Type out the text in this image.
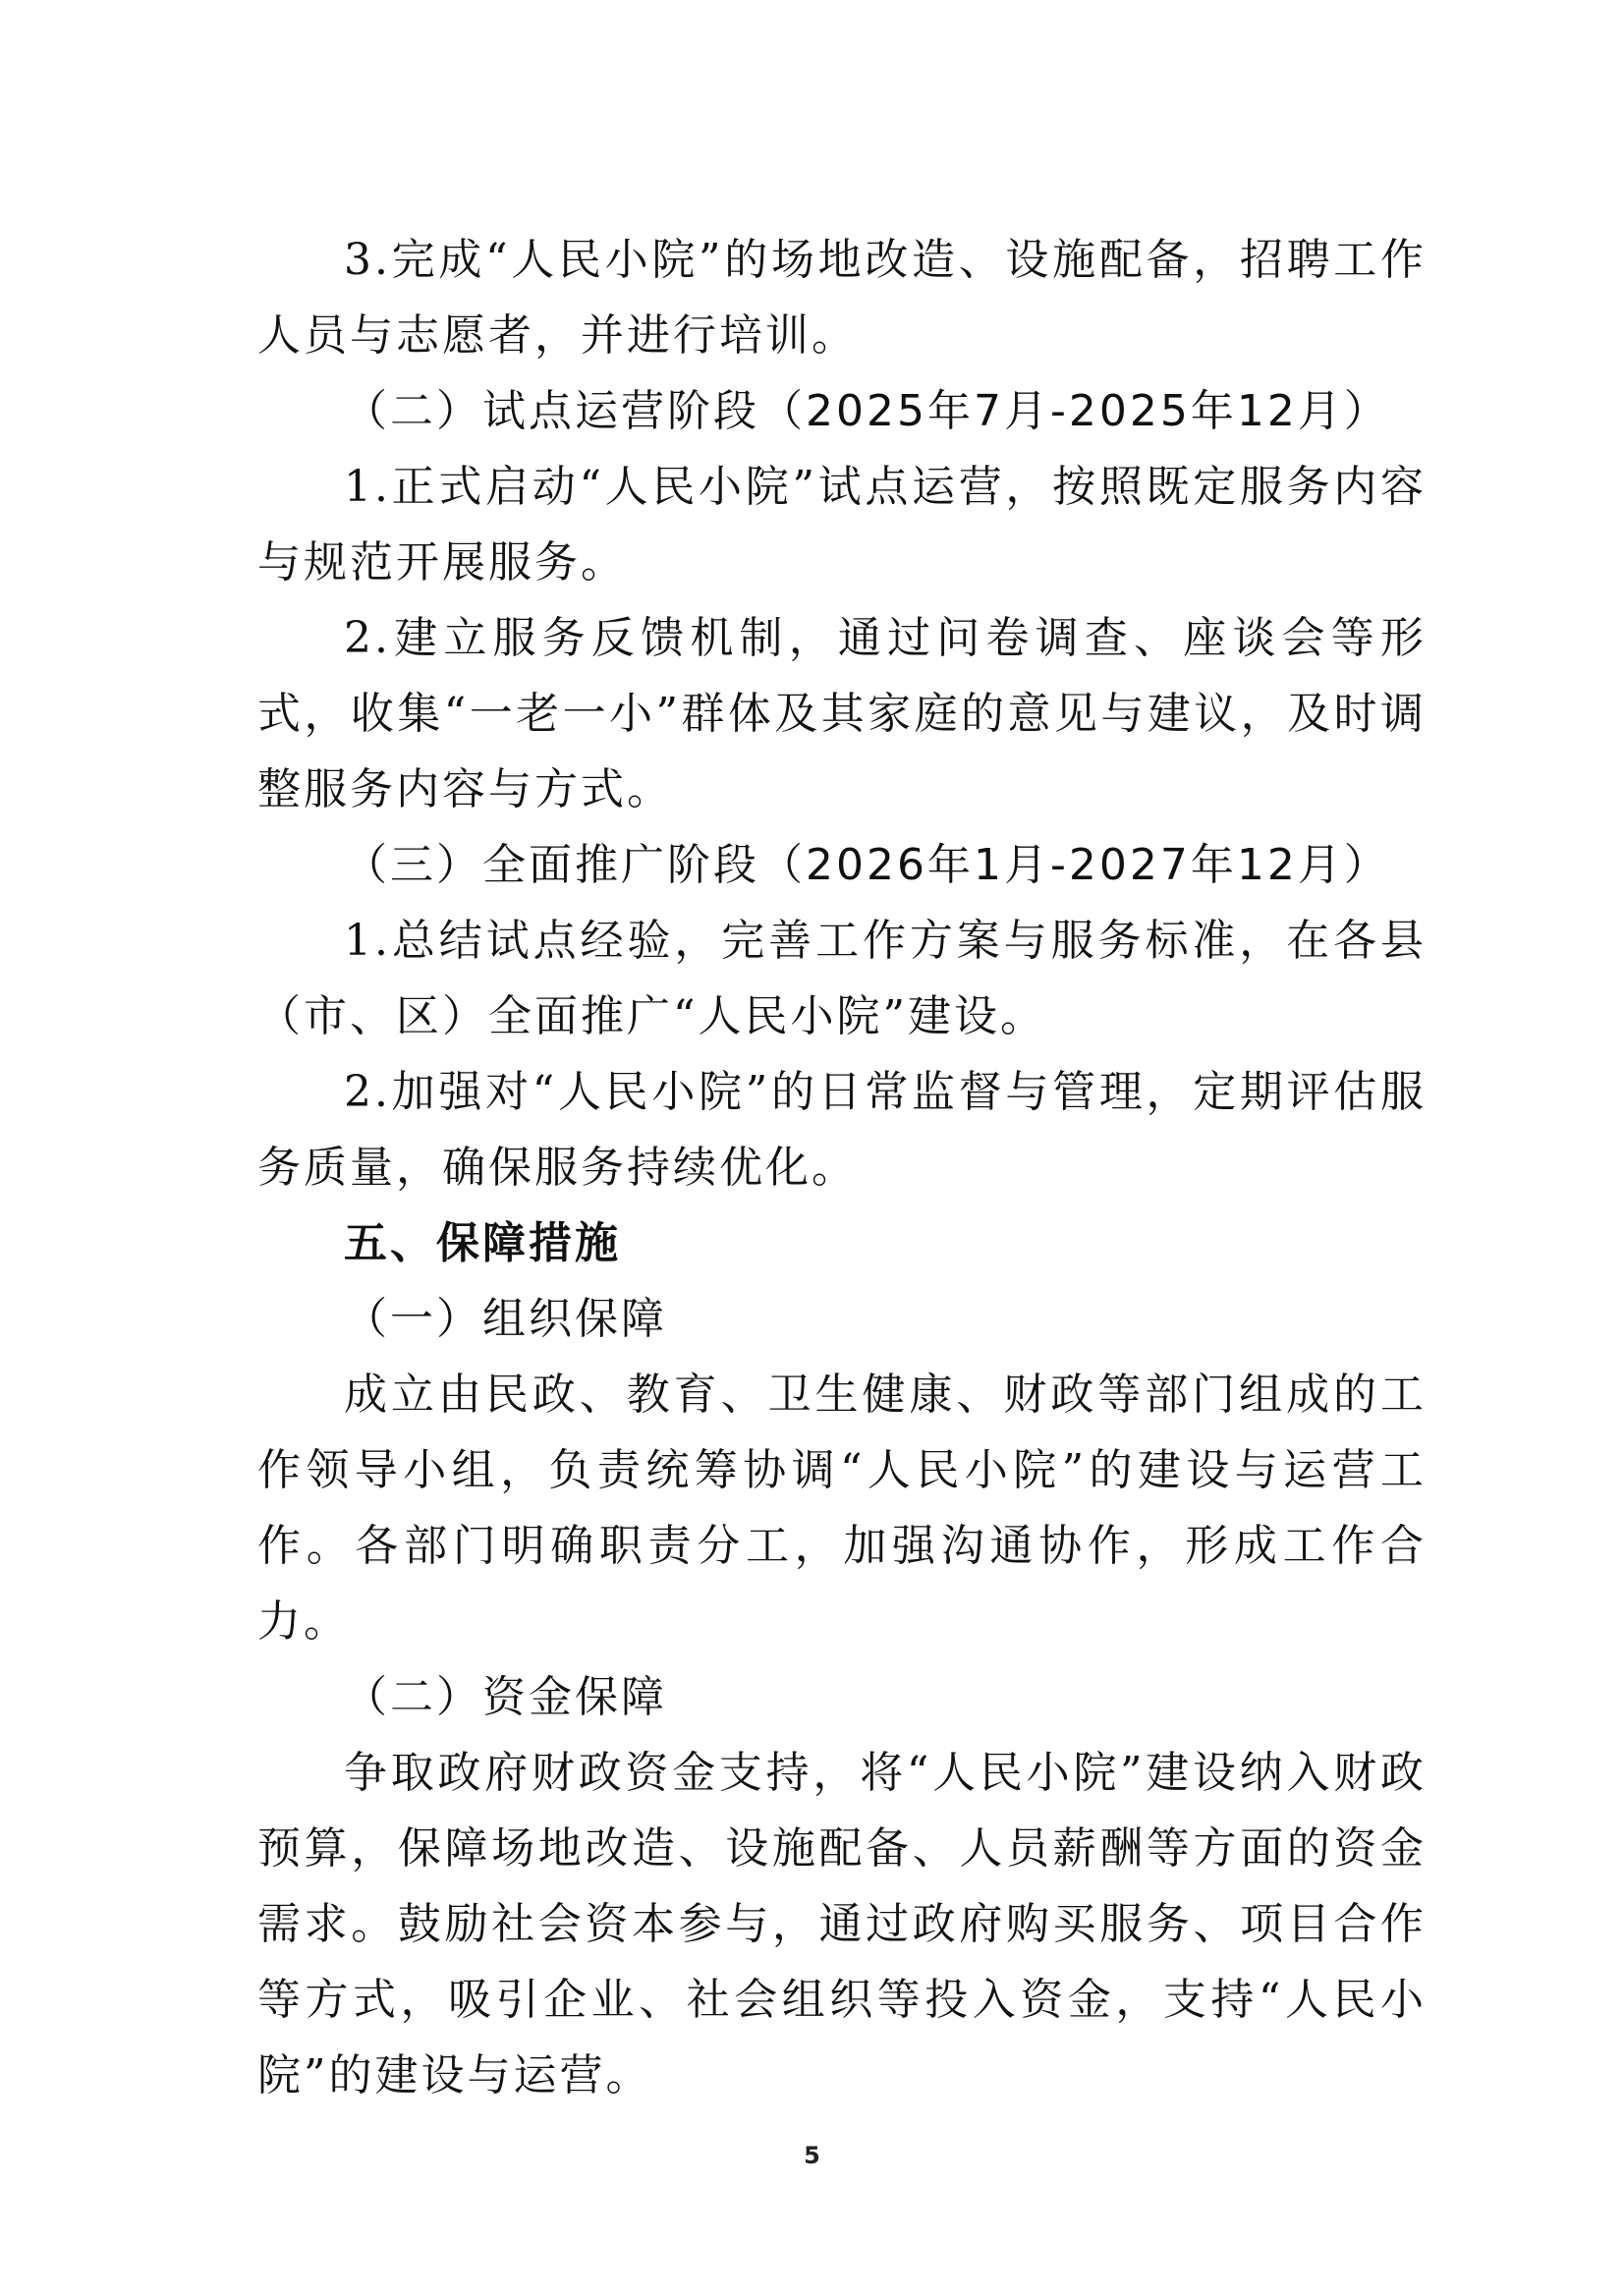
3.完成“人民小院”的场地改造、设施配备，招聘工作人员与志愿者，并进行培训。

（二）试点运营阶段（2025年7月-2025年12月）

1.正式启动“人民小院”试点运营，按照既定服务内容与规范开展服务。

2.建立服务反馈机制，通过问卷调查、座谈会等形式，收集“一老一小”群体及其家庭的意见与建议，及时调整服务内容与方式。

（三）全面推广阶段（2026年1月-2027年12月）

1.总结试点经验，完善工作方案与服务标准，在各县（市、区）全面推广“人民小院”建设。

2.加强对“人民小院”的日常监督与管理，定期评估服务质量，确保服务持续优化。

五、保障措施

（一）组织保障

成立由民政、教育、卫生健康、财政等部门组成的工作领导小组，负责统筹协调“人民小院”的建设与运营工作。各部门明确职责分工，加强沟通协作，形成工作合力。

（二）资金保障

争取政府财政资金支持，将“人民小院”建设纳入财政预算，保障场地改造、设施配备、人员薪酬等方面的资金需求。鼓励社会资本参与，通过政府购买服务、项目合作等方式，吸引企业、社会组织等投入资金，支持“人民小院”的建设与运营。

5
